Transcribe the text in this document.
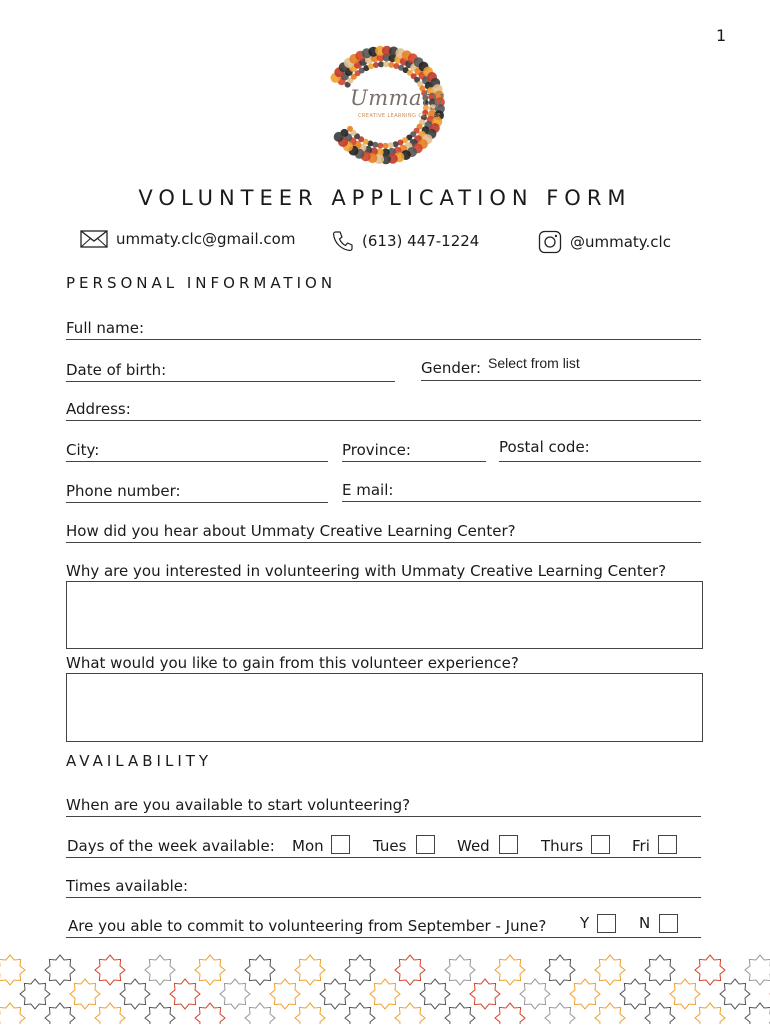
1
Ummaty
CREATIVE LEARNING CENTRE
VOLUNTEER APPLICATION FORM
ummaty.clc@gmail.com	(613) 447-1224	@ummaty.clc
PERSONAL INFORMATION
Full name:
Date of birth:	Gender: Select from list
Address:
City:	Province:	Postal code:
Phone number:	E mail:
How did you hear about Ummaty Creative Learning Center?
Why are you interested in volunteering with Ummaty Creative Learning Center?
What would you like to gain from this volunteer experience?
AVAILABILITY
When are you available to start volunteering?
Days of the week available: Mon	Tues	Wed	Thurs	Fri
Times available:
Are you able to commit to volunteering from September - June? Y	N
